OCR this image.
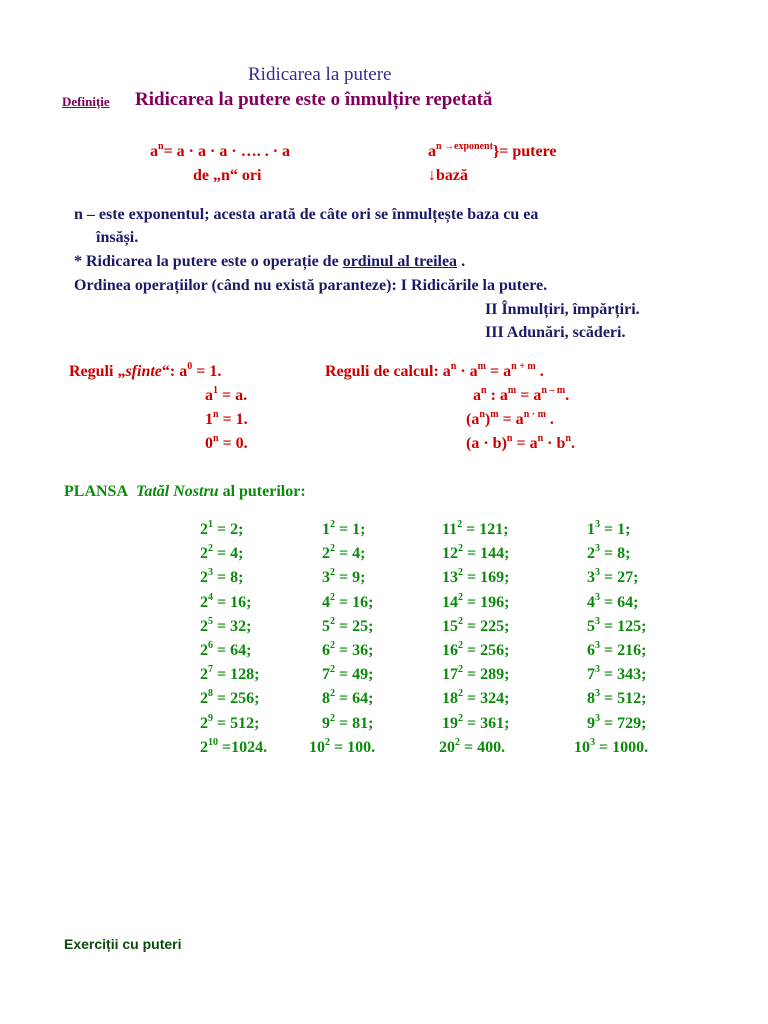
Ridicarea la putere
Definiție Ridicarea la putere este o înmulțire repetată
$a^n= a \cdot a \cdot a$ · …. . · a
de „n“ ori
$a^{n \to exponent}\}=$ putere
↓bază
n – este exponentul; acesta arată de câte ori se înmulțește baza cu ea
însăși.
* Ridicarea la putere este o operație de ordinul al treilea .
Ordinea operațiilor (când nu există paranteze): I Ridicările la putere.
II Înmulțiri, împărțiri.
III Adunări, scăderi.
Reguli „sfinte“: $a^0 = 1$.
$a^1 = a$.
$1^n = 1$.
$0^n = 0$.
Reguli de calcul: $a^n \cdot a^m = a^{n + m}$ .
$a^n$ : $a^m = a^{n - m}$.
$(a^n)^m = a^{n \cdot m}$ .
$(a \cdot b)^n = a^n \cdot b^n$.
PLANSA Tatăl Nostru al puterilor:
$2^1 = 2$;
$2^2 = 4$;
$2^3 = 8$;
$2^4 = 16$;
$2^5 = 32$;
$2^6 = 64$;
$2^7 = 128$;
$2^8 = 256$;
$2^9 = 512$;
$2^{10} =1024$.
$1^2 = 1$;
$2^2 = 4$;
$3^2 = 9$;
$4^2 = 16$;
$5^2 = 25$;
$6^2 = 36$;
$7^2 = 49$;
$8^2 = 64$;
$9^2 = 81$;
$10^2 = 100$.
$11^2 = 121$;
$12^2 = 144$;
$13^2 = 169$;
$14^2 = 196$;
$15^2 = 225$;
$16^2 = 256$;
$17^2 = 289$;
$18^2 = 324$;
$19^2 = 361$;
$20^2 = 400$.
$1^3 = 1$;
$2^3 = 8$;
$3^3 = 27$;
$4^3 = 64$;
$5^3 = 125$;
$6^3 = 216$;
$7^3 = 343$;
$8^3 = 512$;
$9^3 = 729$;
$10^3 = 1000$.
Exerciții cu puteri
